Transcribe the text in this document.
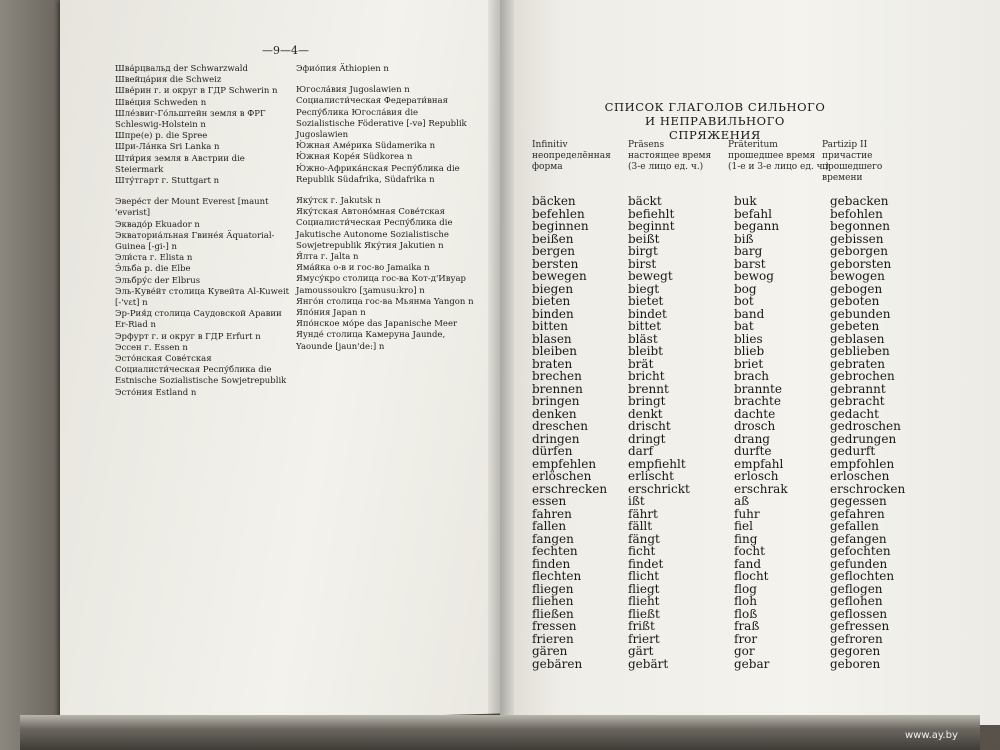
—9—4—
Шва́рцвальд der Schwarzwald
Швейца́рия die Schweiz
Шве́рин г. и округ в ГДР Schwerin n
Шве́ция Schweden n
Шле́звиг-Го́льштейн земля в ФРГ
Schleswig-Holstein n
Шпре(е) р. die Spree
Шри-Ла́нка Sri Lanka n
Шти́рия земля в Австрии die Steiermark
Шту́тгарт г. Stuttgart n
Эвере́ст der Mount Everest [maunt 'evərist]
Эквадо́р Ekuador n
Экваториа́льная Гвине́я Äquatorial-Guinea [-gi-] n
Эли́ста г. Elista n
Э́льба р. die Elbe
Эльбру́с der Elbrus
Эль-Куве́йт столица Кувейта Al-Kuweit [-'vɛt] n
Эр-Рия́д столица Саудовской Аравии Er-Riad n
Эрфурт г. и округ в ГДР Erfurt n
Эссен г. Essen n
Эсто́нская Сове́тская Социалисти́ческая Респу́блика die Estnische Sozialistische Sowjetrepublik Эсто́ния Estland n
Эфио́пия Äthiopien n
Югосла́вия Jugoslawien n Социалисти́ческая Федерати́вная Респу́блика Югосла́вия die Sozialistische Föderative [-və] Republik Jugoslawien
Ю́жная Аме́рика Südamerika n
Ю́жная Коре́я Südkorea n
Ю́жно-Африка́нская Респу́блика die Republik Südafrika, Südafrika n
Яку́тск г. Jakutsk n
Яку́тская Автоно́мная Сове́тская Социалисти́ческая Респу́блика die Jakutische Autonome Sozialistische Sowjetrepublik Яку́тия Jakutien n
Я́лта г. Jalta n
Яма́йка о-в и гос-во Jamaika n
Ямусу́кро столица гос-ва Кот-д'Ивуар Jamoussoukro [ʒamusu:kro] n
Янго́н столица гос-ва Мьянма Yangon n
Япо́ния Japan n
Япо́нское мо́ре das Japanische Meer
Яунде́ столица Камеруна Jaunde, Yaounde [jaun'de:] n
СПИСОК ГЛАГОЛОВ СИЛЬНОГО
И НЕПРАВИЛЬНОГО СПРЯЖЕНИЯ
Infinitiv
неопределённая
форма
Präsens
настоящее время
(3-е лицо ед. ч.)
Präteritum
прошедшее время
(1-е и 3-е лицо ед. ч.)
Partizip II
причастие
прошедшего
времени
bäcken
befehlen
beginnen
beißen
bergen
bersten
bewegen
biegen
bieten
binden
bitten
blasen
bleiben
braten
brechen
brennen
bringen
denken
dreschen
dringen
dürfen
empfehlen
erlöschen
erschrecken
essen
fahren
fallen
fangen
fechten
finden
flechten
fliegen
fliehen
fließen
fressen
frieren
gären
gebären
bäckt
befiehlt
beginnt
beißt
birgt
birst
bewegt
biegt
bietet
bindet
bittet
bläst
bleibt
brät
bricht
brennt
bringt
denkt
drischt
dringt
darf
empfiehlt
erlischt
erschrickt
ißt
fährt
fällt
fängt
ficht
findet
flicht
fliegt
flieht
fließt
frißt
friert
gärt
gebärt
buk
befahl
begann
biß
barg
barst
bewog
bog
bot
band
bat
blies
blieb
briet
brach
brannte
brachte
dachte
drosch
drang
durfte
empfahl
erlosch
erschrak
aß
fuhr
fiel
fing
focht
fand
flocht
flog
floh
floß
fraß
fror
gor
gebar
gebacken
befohlen
begonnen
gebissen
geborgen
geborsten
bewogen
gebogen
geboten
gebunden
gebeten
geblasen
geblieben
gebraten
gebrochen
gebrannt
gebracht
gedacht
gedroschen
gedrungen
gedurft
empfohlen
erloschen
erschrocken
gegessen
gefahren
gefallen
gefangen
gefochten
gefunden
geflochten
geflogen
geflohen
geflossen
gefressen
gefroren
gegoren
geboren
www.ay.by
